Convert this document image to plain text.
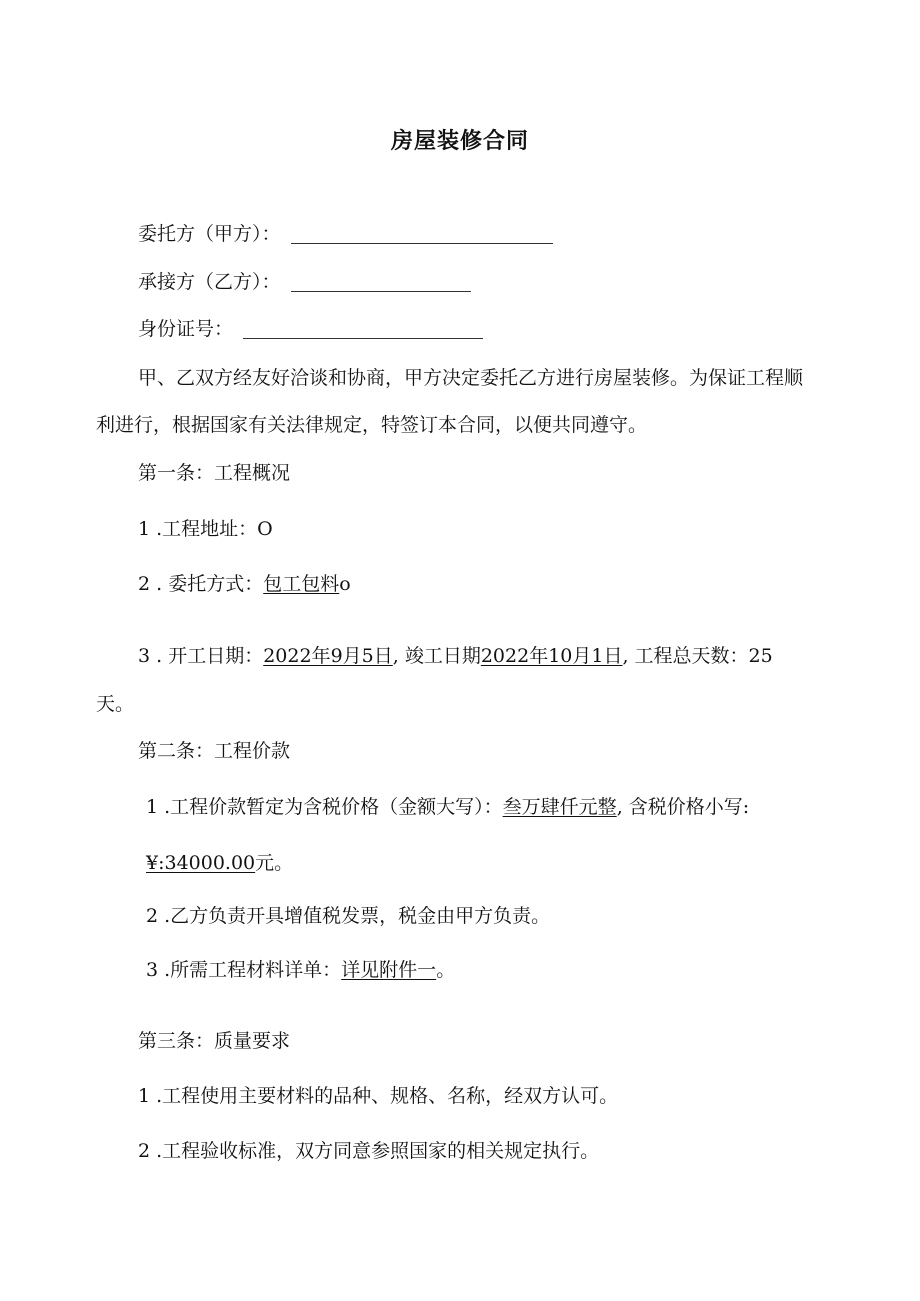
房屋装修合同
委托方（甲方）：
承接方（乙方）：
身份证号：
甲、乙双方经友好洽谈和协商，甲方决定委托乙方进行房屋装修。为保证工程顺
利进行，根据国家有关法律规定，特签订本合同，以便共同遵守。
第一条：工程概况
1 .工程地址：O
2 . 委托方式：包工包料o
3 . 开工日期：2022年9月5日, 竣工日期2022年10月1日, 工程总天数：25
天。
第二条：工程价款
1 .工程价款暂定为含税价格（金额大写）：叁万肆仟元整, 含税价格小写:
¥:34000.00元。
2 .乙方负责开具增值税发票，税金由甲方负责。
3 .所需工程材料详单：详见附件一。
第三条：质量要求
1 .工程使用主要材料的品种、规格、名称，经双方认可。
2 .工程验收标准，双方同意参照国家的相关规定执行。
